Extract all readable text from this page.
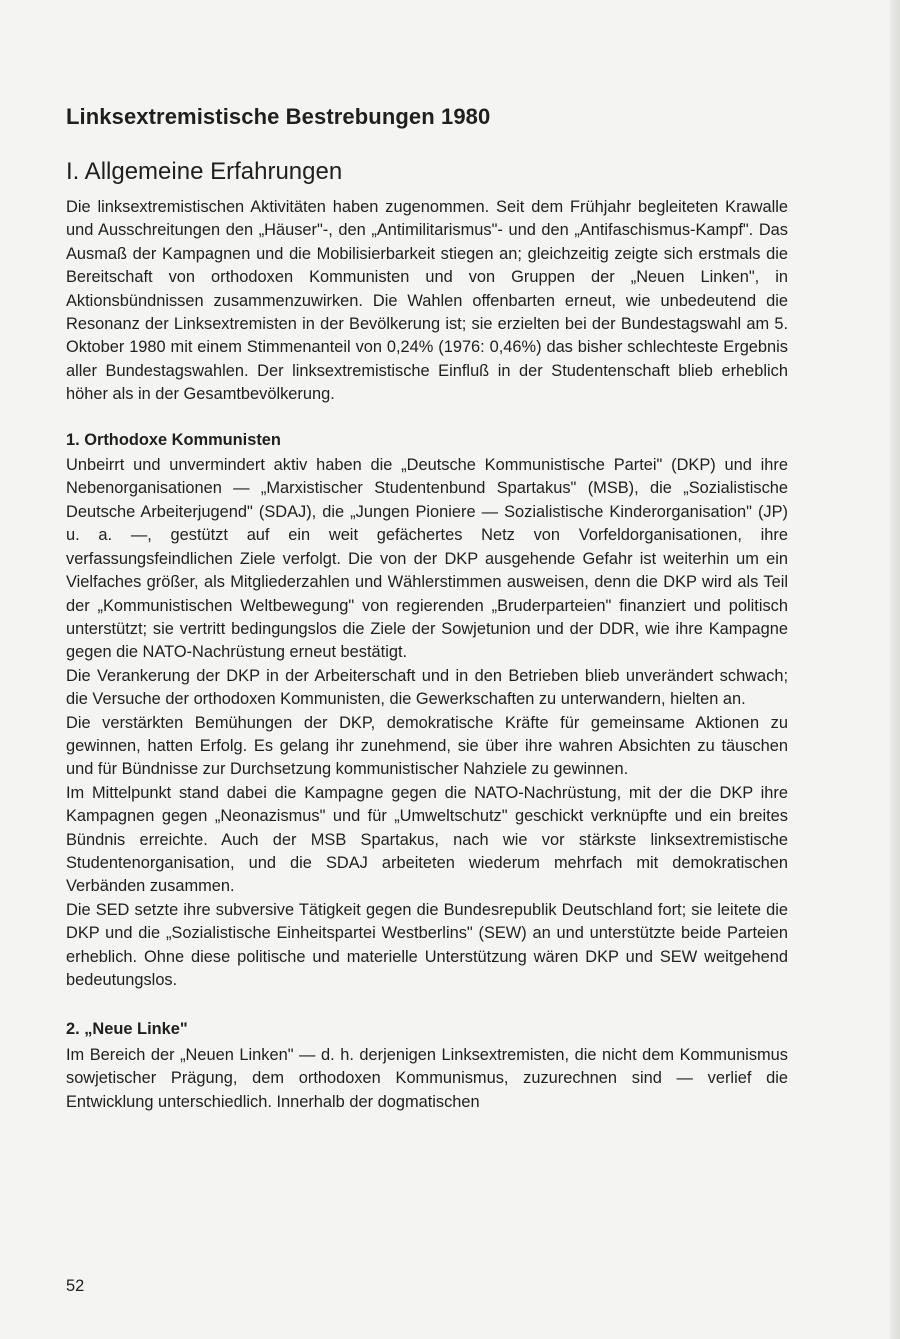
Linksextremistische Bestrebungen 1980
I. Allgemeine Erfahrungen

Die linksextremistischen Aktivitäten haben zugenommen. Seit dem Frühjahr begleiteten Krawalle und Ausschreitungen den „Häuser"-, den „Antimilitarismus"- und den „Antifaschismus-Kampf". Das Ausmaß der Kampagnen und die Mobilisierbarkeit stiegen an; gleichzeitig zeigte sich erstmals die Bereitschaft von orthodoxen Kommunisten und von Gruppen der „Neuen Linken", in Aktionsbündnissen zusammenzuwirken. Die Wahlen offenbarten erneut, wie unbedeutend die Resonanz der Linksextremisten in der Bevölkerung ist; sie erzielten bei der Bundestagswahl am 5. Oktober 1980 mit einem Stimmenanteil von 0,24% (1976: 0,46%) das bisher schlechteste Ergebnis aller Bundestagswahlen. Der linksextremistische Einfluß in der Studentenschaft blieb erheblich höher als in der Gesamtbevölkerung.

1. Orthodoxe Kommunisten

Unbeirrt und unvermindert aktiv haben die „Deutsche Kommunistische Partei" (DKP) und ihre Nebenorganisationen — „Marxistischer Studentenbund Spartakus" (MSB), die „Sozialistische Deutsche Arbeiterjugend" (SDAJ), die „Jungen Pioniere — Sozialistische Kinderorganisation" (JP) u. a. —, gestützt auf ein weit gefächertes Netz von Vorfeldorganisationen, ihre verfassungsfeindlichen Ziele verfolgt. Die von der DKP ausgehende Gefahr ist weiterhin um ein Vielfaches größer, als Mitgliederzahlen und Wählerstimmen ausweisen, denn die DKP wird als Teil der „Kommunistischen Weltbewegung" von regierenden „Bruderparteien" finanziert und politisch unterstützt; sie vertritt bedingungslos die Ziele der Sowjetunion und der DDR, wie ihre Kampagne gegen die NATO-Nachrüstung erneut bestätigt.

Die Verankerung der DKP in der Arbeiterschaft und in den Betrieben blieb unverändert schwach; die Versuche der orthodoxen Kommunisten, die Gewerkschaften zu unterwandern, hielten an.

Die verstärkten Bemühungen der DKP, demokratische Kräfte für gemeinsame Aktionen zu gewinnen, hatten Erfolg. Es gelang ihr zunehmend, sie über ihre wahren Absichten zu täuschen und für Bündnisse zur Durchsetzung kommunistischer Nahziele zu gewinnen.

Im Mittelpunkt stand dabei die Kampagne gegen die NATO-Nachrüstung, mit der die DKP ihre Kampagnen gegen „Neonazismus" und für „Umweltschutz" geschickt verknüpfte und ein breites Bündnis erreichte. Auch der MSB Spartakus, nach wie vor stärkste linksextremistische Studentenorganisation, und die SDAJ arbeiteten wiederum mehrfach mit demokratischen Verbänden zusammen.

Die SED setzte ihre subversive Tätigkeit gegen die Bundesrepublik Deutschland fort; sie leitete die DKP und die „Sozialistische Einheitspartei Westberlins" (SEW) an und unterstützte beide Parteien erheblich. Ohne diese politische und materielle Unterstützung wären DKP und SEW weitgehend bedeutungslos.

2. „Neue Linke"

Im Bereich der „Neuen Linken" — d. h. derjenigen Linksextremisten, die nicht dem Kommunismus sowjetischer Prägung, dem orthodoxen Kommunismus, zuzurechnen sind — verlief die Entwicklung unterschiedlich. Innerhalb der dogmatischen

52
